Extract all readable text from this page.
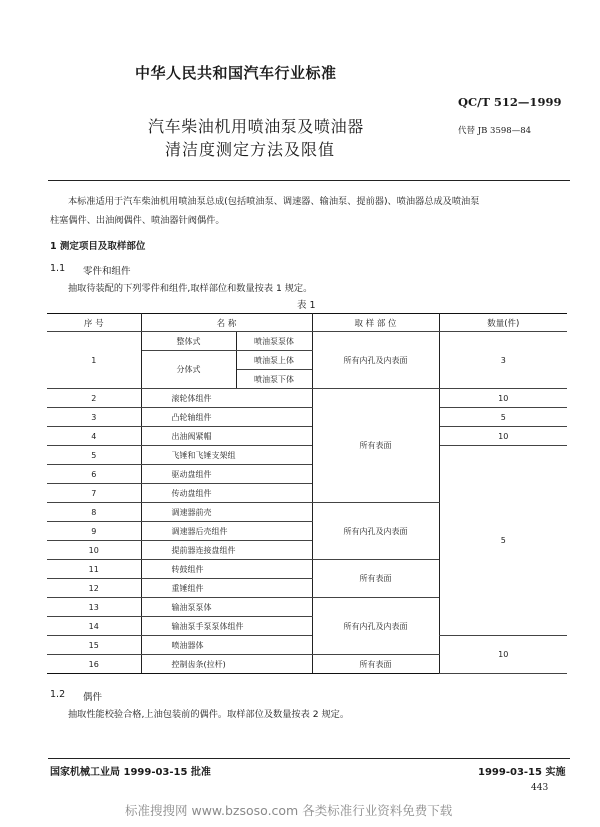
中华人民共和国汽车行业标准
QC/T 512—1999
汽车柴油机用喷油泵及喷油器
清洁度测定方法及限值
代替 JB 3598—84
本标准适用于汽车柴油机用喷油泵总成(包括喷油泵、调速器、输油泵、提前器)、喷油器总成及喷油泵
柱塞偶件、出油阀偶件、喷油器针阀偶件。
1 测定项目及取样部位
1.1 零件和组件
抽取待装配的下列零件和组件,取样部位和数量按表 1 规定。
表 1
序 号	名 称		取 样 部 位	数量(件)
1	整体式	喷油泵泵体	所有内孔及内表面	3
	分体式	喷油泵上体		
		喷油泵下体		
2	滚轮体组件		所有表面	10
3	凸轮轴组件			5
4	出油阀紧帽			10
5	飞锤和飞锤支架组			5
6	驱动盘组件			
7	传动盘组件			
8	调速器前壳		所有内孔及内表面	
9	调速器后壳组件			
10	提前器连接盘组件			
11	转鼓组件		所有表面	
12	重锤组件			
13	输油泵泵体		所有内孔及内表面	
14	输油泵手泵泵体组件			
15	喷油器体			10
16	控制齿条(拉杆)		所有表面	
1.2 偶件
抽取性能校验合格,上油包装前的偶件。取样部位及数量按表 2 规定。
国家机械工业局 1999-03-15 批准	1999-03-15 实施
443
标准搜搜网 www.bzsoso.com 各类标准行业资料免费下载
